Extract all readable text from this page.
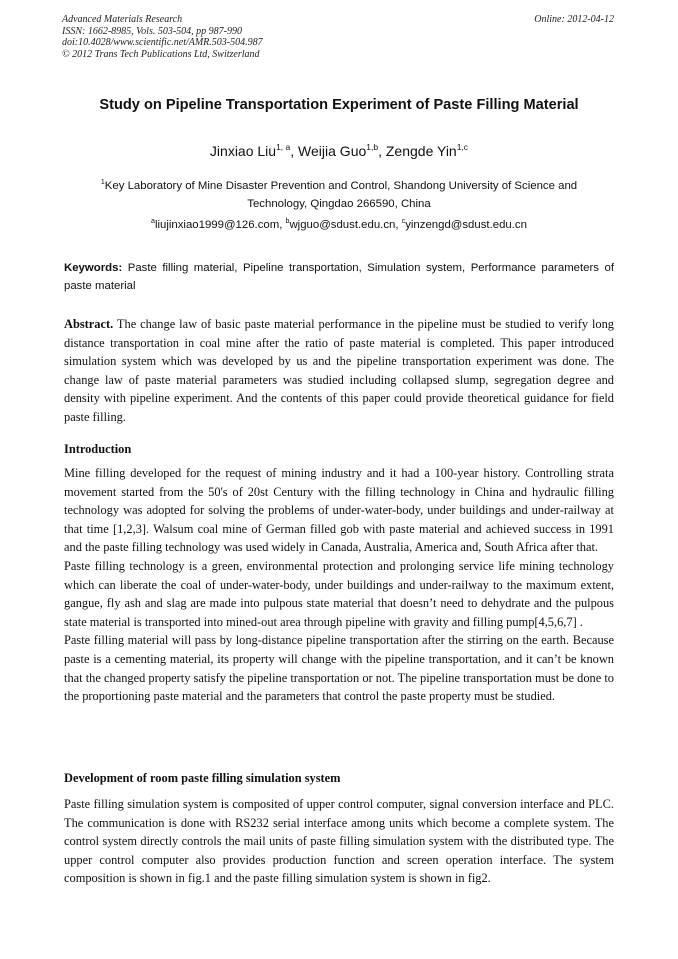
Advanced Materials Research
ISSN: 1662-8985, Vols. 503-504, pp 987-990
doi:10.4028/www.scientific.net/AMR.503-504.987
© 2012 Trans Tech Publications Ltd, Switzerland
Online: 2012-04-12
Study on Pipeline Transportation Experiment of Paste Filling Material
Jinxiao Liu$^{1, a}$, Weijia Guo$^{1,b}$, Zengde Yin$^{1,c}$
$^1$Key Laboratory of Mine Disaster Prevention and Control, Shandong University of Science and Technology, Qingdao 266590, China
$^a$liujinxiao1999@126.com, $^b$wjguo@sdust.edu.cn, $^c$yinzengd@sdust.edu.cn
Keywords: Paste filling material, Pipeline transportation, Simulation system, Performance parameters of paste material

Abstract. The change law of basic paste material performance in the pipeline must be studied to verify long distance transportation in coal mine after the ratio of paste material is completed. This paper introduced simulation system which was developed by us and the pipeline transportation experiment was done. The change law of paste material parameters was studied including collapsed slump, segregation degree and density with pipeline experiment. And the contents of this paper could provide theoretical guidance for field paste filling.

Introduction

Mine filling developed for the request of mining industry and it had a 100-year history. Controlling strata movement started from the 50's of 20st Century with the filling technology in China and hydraulic filling technology was adopted for solving the problems of under-water-body, under buildings and under-railway at that time [1,2,3]. Walsum coal mine of German filled gob with paste material and achieved success in 1991 and the paste filling technology was used widely in Canada, Australia, America and, South Africa after that.

Paste filling technology is a green, environmental protection and prolonging service life mining technology which can liberate the coal of under-water-body, under buildings and under-railway to the maximum extent, gangue, fly ash and slag are made into pulpous state material that doesn’t need to dehydrate and the pulpous state material is transported into mined-out area through pipeline with gravity and filling pump[4,5,6,7] .

Paste filling material will pass by long-distance pipeline transportation after the stirring on the earth. Because paste is a cementing material, its property will change with the pipeline transportation, and it can’t be known that the changed property satisfy the pipeline transportation or not. The pipeline transportation must be done to the proportioning paste material and the parameters that control the paste property must be studied.

Development of room paste filling simulation system

Paste filling simulation system is composited of upper control computer, signal conversion interface and PLC. The communication is done with RS232 serial interface among units which become a complete system. The control system directly controls the mail units of paste filling simulation system with the distributed type. The upper control computer also provides production function and screen operation interface. The system composition is shown in fig.1 and the paste filling simulation system is shown in fig2.
